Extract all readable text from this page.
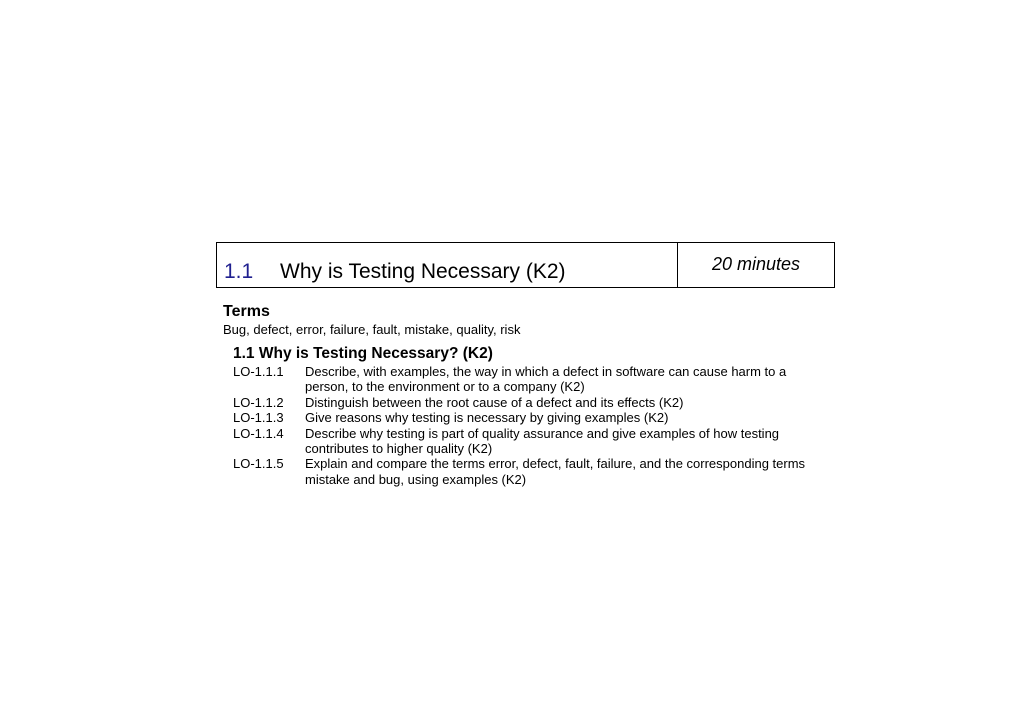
1.1	Why is Testing Necessary (K2)	20 minutes
Terms

Bug, defect, error, failure, fault, mistake, quality, risk

1.1 Why is Testing Necessary? (K2)
LO-1.1.1	Describe, with examples, the way in which a defect in software can cause harm to a
person, to the environment or to a company (K2)
LO-1.1.2	Distinguish between the root cause of a defect and its effects (K2)
LO-1.1.3	Give reasons why testing is necessary by giving examples (K2)
LO-1.1.4	Describe why testing is part of quality assurance and give examples of how testing
contributes to higher quality (K2)
LO-1.1.5	Explain and compare the terms error, defect, fault, failure, and the corresponding terms
mistake and bug, using examples (K2)
